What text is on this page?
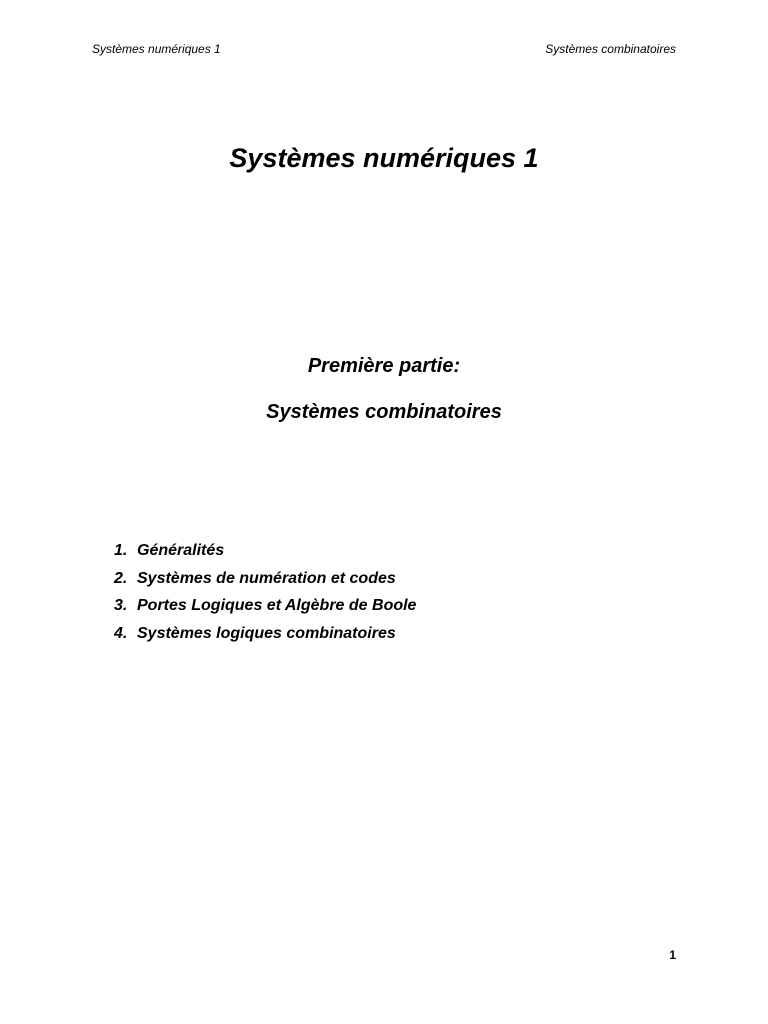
Systèmes numériques 1	Systèmes combinatoires
Systèmes numériques 1
Première partie:
Systèmes combinatoires
1. Généralités
2. Systèmes de numération et codes
3. Portes Logiques et Algèbre de Boole
4. Systèmes logiques combinatoires
1
